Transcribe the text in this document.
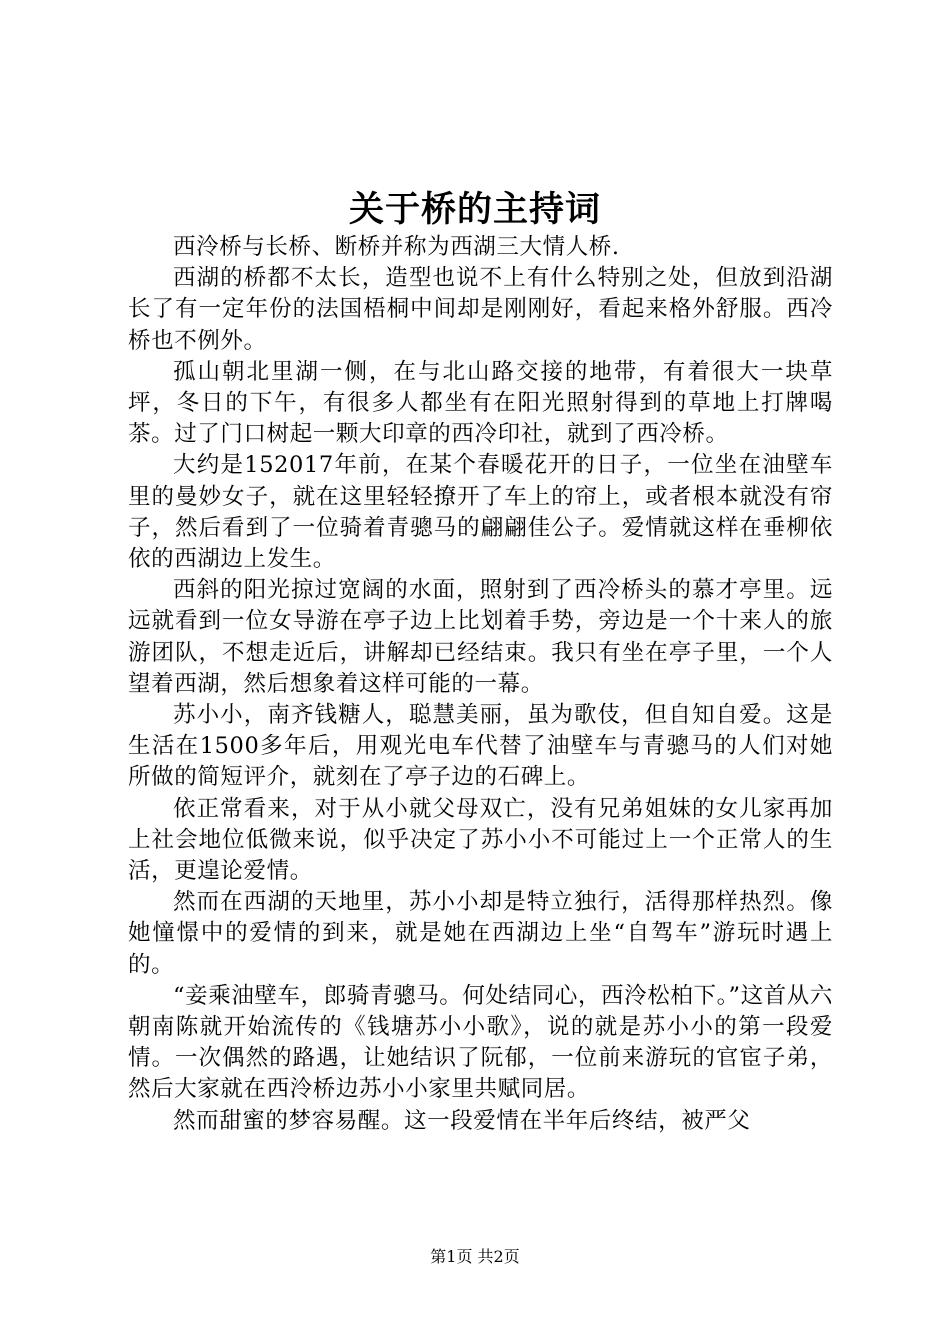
关于桥的主持词

西泠桥与长桥、断桥并称为西湖三大情人桥.

西湖的桥都不太长，造型也说不上有什么特别之处，但放到沿湖长了有一定年份的法国梧桐中间却是刚刚好，看起来格外舒服。西冷桥也不例外。

孤山朝北里湖一侧，在与北山路交接的地带，有着很大一块草坪，冬日的下午，有很多人都坐有在阳光照射得到的草地上打牌喝茶。过了门口树起一颗大印章的西冷印社，就到了西冷桥。

大约是152017年前，在某个春暖花开的日子，一位坐在油壁车里的曼妙女子，就在这里轻轻撩开了车上的帘上，或者根本就没有帘子，然后看到了一位骑着青骢马的翩翩佳公子。爱情就这样在垂柳依依的西湖边上发生。

西斜的阳光掠过宽阔的水面，照射到了西冷桥头的慕才亭里。远远就看到一位女导游在亭子边上比划着手势，旁边是一个十来人的旅游团队，不想走近后，讲解却已经结束。我只有坐在亭子里，一个人望着西湖，然后想象着这样可能的一幕。

苏小小，南齐钱糖人，聪慧美丽，虽为歌伎，但自知自爱。这是生活在1500多年后，用观光电车代替了油壁车与青骢马的人们对她所做的简短评介，就刻在了亭子边的石碑上。

依正常看来，对于从小就父母双亡，没有兄弟姐妹的女儿家再加上社会地位低微来说，似乎决定了苏小小不可能过上一个正常人的生活，更遑论爱情。

然而在西湖的天地里，苏小小却是特立独行，活得那样热烈。像她憧憬中的爱情的到来，就是她在西湖边上坐“自驾车”游玩时遇上的。

“妾乘油壁车，郎骑青骢马。何处结同心，西泠松柏下。”这首从六朝南陈就开始流传的《钱塘苏小小歌》，说的就是苏小小的第一段爱情。一次偶然的路遇，让她结识了阮郁，一位前来游玩的官宦子弟，然后大家就在西泠桥边苏小小家里共赋同居。

然而甜蜜的梦容易醒。这一段爱情在半年后终结，被严父

第1页 共2页
